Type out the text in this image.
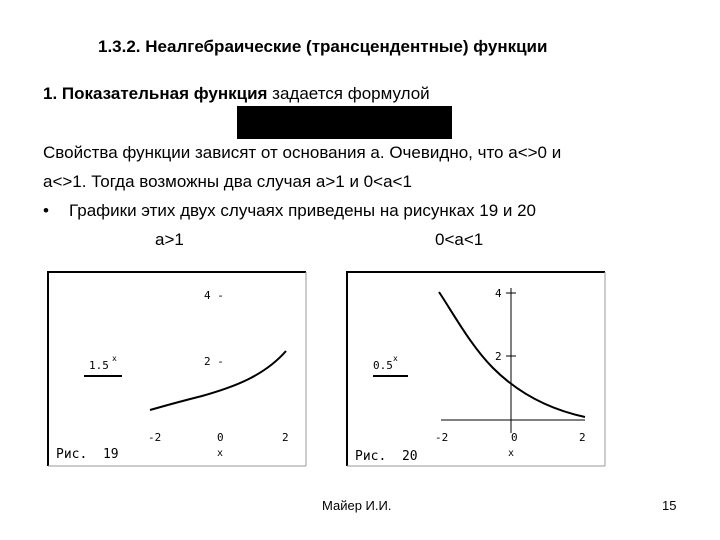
1.3.2. Неалгебраические (трансцендентные) функции
1. Показательная функция задается формулой
Свойства функции зависят от основания а. Очевидно, что а<>0 и
а<>1. Тогда возможны два случая а>1 и 0<а<1
• Графики этих двух случаях приведены на рисунках 19 и 20
а>1	0<a<1
4 -
2 -
1.5
x
-2	0	2
x
Рис.  19
4
2
0.5
x
-2	0	2
x
Рис.  20
Майер И.И.	15
